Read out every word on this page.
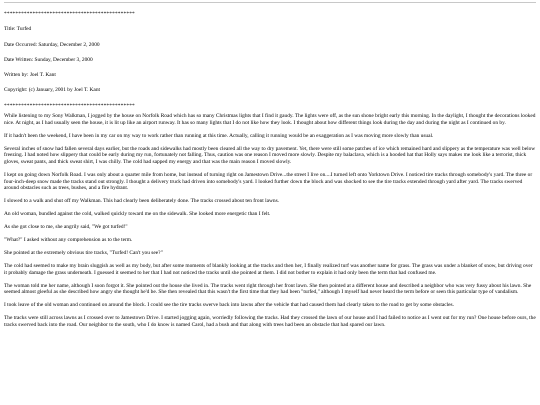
**********************************************
Title: Turfed
Date Occurred: Saturday, December 2, 2000
Date Written: Sunday, December 3, 2000
Written by: Joel T. Kant
Copyright: (c) January, 2001 by Joel T. Kant
**********************************************

While listening to my Sony Walkman, I jogged by the house on Norfolk Road which has so many Christmas lights that I find it gaudy. The lights were off, as the sun shone bright early this morning. In the daylight, I thought the decorations looked nice. At night, as I had usually seen the house, it is lit up like an airport runway. It has so many lights that I do not like how they look. I thought about how different things look during the day and during the night as I continued on by.

If it hadn't been the weekend, I have been in my car on my way to work rather than running at this time. Actually, calling it running would be an exaggeration as I was moving more slowly than usual.

Several inches of snow had fallen several days earlier, but the roads and sidewalks had mostly been cleared all the way to dry pavement. Yet, there were still some patches of ice which remained hard and slippery as the temperature was well below freezing. I had noted how slippery that could be early during my run, fortunately not falling. Thus, caution was one reason I moved more slowly. Despite my balaclava, which is a hooded hat that Holly says makes me look like a terrorist, thick gloves, sweat pants, and thick sweat shirt, I was chilly. The cold had sapped my energy and that was the main reason I moved slowly.

I kept on going down Norfolk Road. I was only about a quarter mile from home, but instead of turning right on Jamestown Drive...the street I live on....I turned left onto Yorktown Drive. I noticed tire tracks through somebody's yard. The three or four-inch-deep snow made the tracks stand out strongly. I thought a delivery truck had driven into somebody's yard. I looked further down the block and was shocked to see the tire tracks extended through yard after yard. The tracks swerved around obstacles such as trees, bushes, and a fire hydrant.

I slowed to a walk and shut off my Walkman. This had clearly been deliberately done. The tracks crossed about ten front lawns.

An old woman, bundled against the cold, walked quickly toward me on the sidewalk. She looked more energetic than I felt.

As she got close to me, she angrily said, "We got turfed!"

"What?" I asked without any comprehension as to the term.

She pointed at the extremely obvious tire tracks, "Turfed! Can't you see?"

The cold had seemed to make my brain sluggish as well as my body, but after some moments of blankly looking at the tracks and then her, I finally realized turf was another name for grass. The grass was under a blanket of snow, but driving over it probably damage the grass underneath. I guessed it seemed to her that I had not noticed the tracks until she pointed at them. I did not bother to explain it had only been the term that had confused me.

The woman told me her name, although I soon forgot it. She pointed out the house she lived in. The tracks went right through her front lawn. She then pointed at a different house and described a neighbor who was very fussy about his lawn. She seemed almost gleeful as she described how angry she thought he'd be. She then revealed that this wasn't the first time that they had been "turfed," although I myself had never heard the term before or seen this particular type of vandalism.

I took leave of the old woman and continued on around the block. I could see the tire tracks swerve back into lawns after the vehicle that had caused them had clearly taken to the road to get by some obstacles.

The tracks were still across lawns as I crossed over to Jamestown Drive. I started jogging again, worriedly following the tracks. Had they crossed the lawn of our house and I had failed to notice as I went out for my run? One house before ours, the tracks swerved back into the road. Our neighbor to the south, who I do know is named Carol, had a bush and that along with trees had been an obstacle that had spared our lawn.
